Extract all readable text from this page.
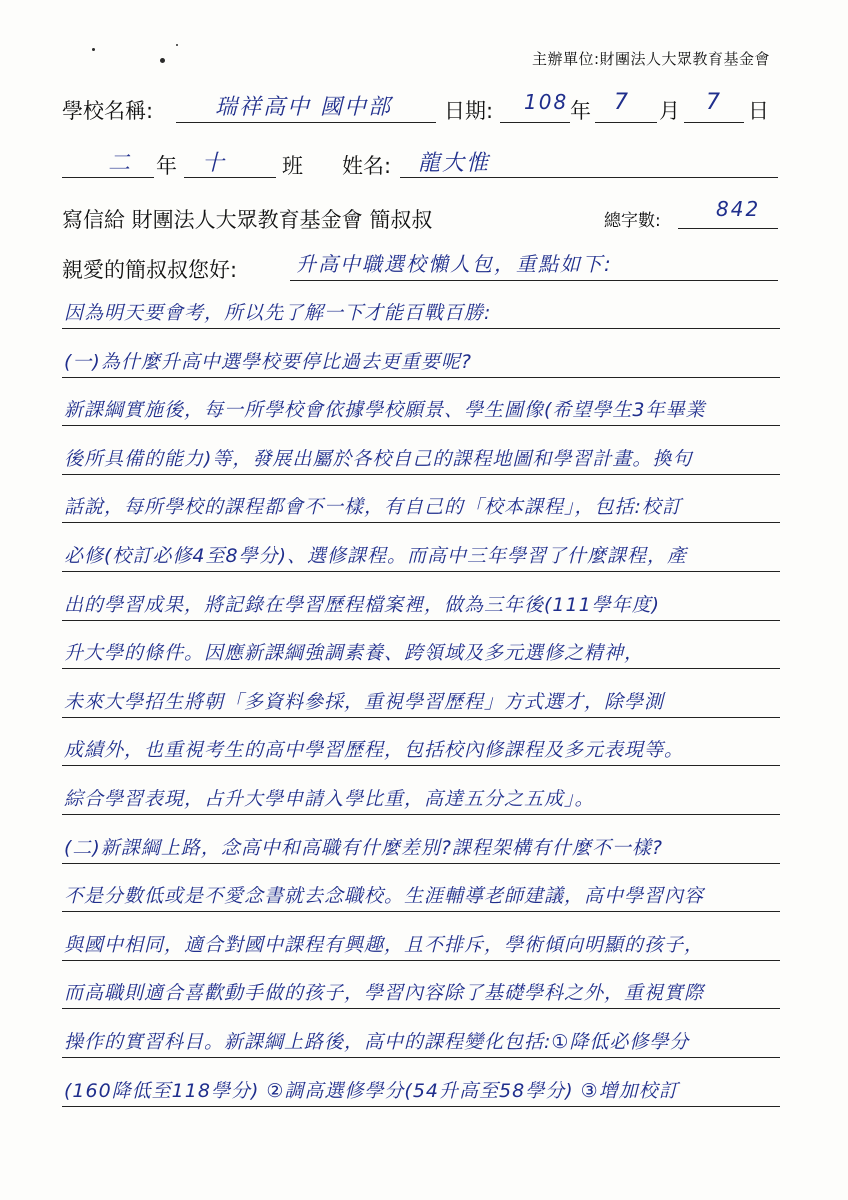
主辦單位:財團法人大眾教育基金會
學校名稱:	瑞祥高中 國中部 日期: 108 年 7 月 7 日
二 年 十	班 姓名: 龍大惟
寫信給 財團法人大眾教育基金會 簡叔叔	總字數:	842
親愛的簡叔叔您好:	升高中職選校懶人包，重點如下:
因為明天要會考，所以先了解一下才能百戰百勝:
(一)為什麼升高中選學校要停比過去更重要呢?
新課綱實施後，每一所學校會依據學校願景、學生圖像(希望學生3年畢業
後所具備的能力)等，發展出屬於各校自己的課程地圖和學習計畫。換句
話說，每所學校的課程都會不一樣，有自己的「校本課程」，包括:校訂
必修(校訂必修4至8學分)、選修課程。而高中三年學習了什麼課程，產
出的學習成果，將記錄在學習歷程檔案裡，做為三年後(111學年度)
升大學的條件。因應新課綱強調素養、跨領域及多元選修之精神，
未來大學招生將朝「多資料參採，重視學習歷程」方式選才，除學測
成績外，也重視考生的高中學習歷程，包括校內修課程及多元表現等。
綜合學習表現，占升大學申請入學比重，高達五分之五成」。
(二)新課綱上路，念高中和高職有什麼差別?課程架構有什麼不一樣?
不是分數低或是不愛念書就去念職校。生涯輔導老師建議，高中學習內容
與國中相同，適合對國中課程有興趣，且不排斥，學術傾向明顯的孩子，
而高職則適合喜歡動手做的孩子，學習內容除了基礎學科之外，重視實際
操作的實習科目。新課綱上路後，高中的課程變化包括:①降低必修學分
(160降低至118學分) ②調高選修學分(54升高至58學分) ③增加校訂
